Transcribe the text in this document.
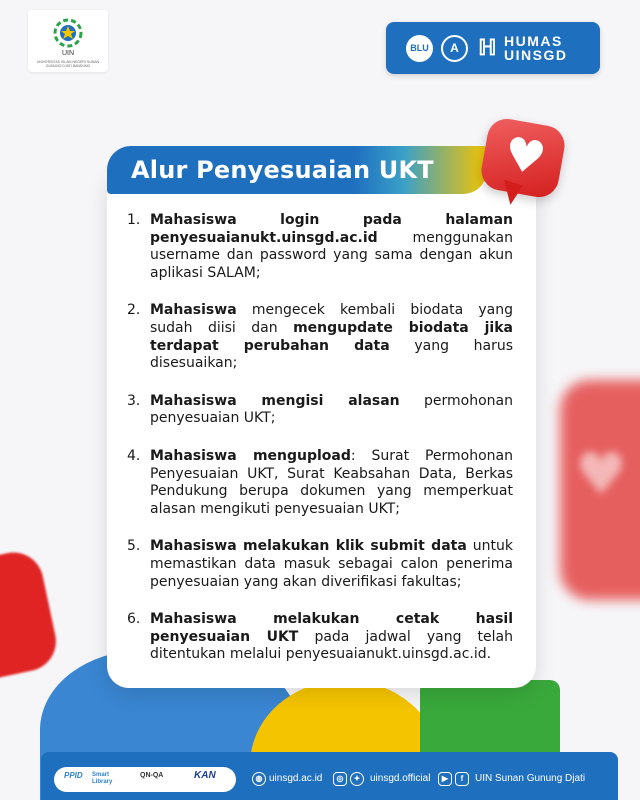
♥
UIN
UNIVERSITAS ISLAM NEGERI SUNAN GUNUNG DJATI BANDUNG
BLU	A ℍ HUMAS
UINSGD
Alur Penyesuaian UKT ♥
1. Mahasiswa login pada halaman penyesuaianukt.uinsgd.ac.id menggunakan username dan password yang sama dengan akun aplikasi SALAM;
2. Mahasiswa mengecek kembali biodata yang sudah diisi dan mengupdate biodata jika terdapat perubahan data yang harus disesuaikan;
3. Mahasiswa mengisi alasan permohonan penyesuaian UKT;
4. Mahasiswa mengupload: Surat Permohonan Penyesuaian UKT, Surat Keabsahan Data, Berkas Pendukung berupa dokumen yang memperkuat alasan mengikuti penyesuaian UKT;
5. Mahasiswa melakukan klik submit data untuk memastikan data masuk sebagai calon penerima penyesuaian yang akan diverifikasi fakultas;
6. Mahasiswa melakukan cetak hasil penyesuaian UKT pada jadwal yang telah ditentukan melalui penyesuaianukt.uinsgd.ac.id.
PPID Smart Library
QN-QA	KAN	◍ uinsgd.ac.id	◎	✦ uinsgd.official	▶	f	UIN Sunan Gunung Djati
